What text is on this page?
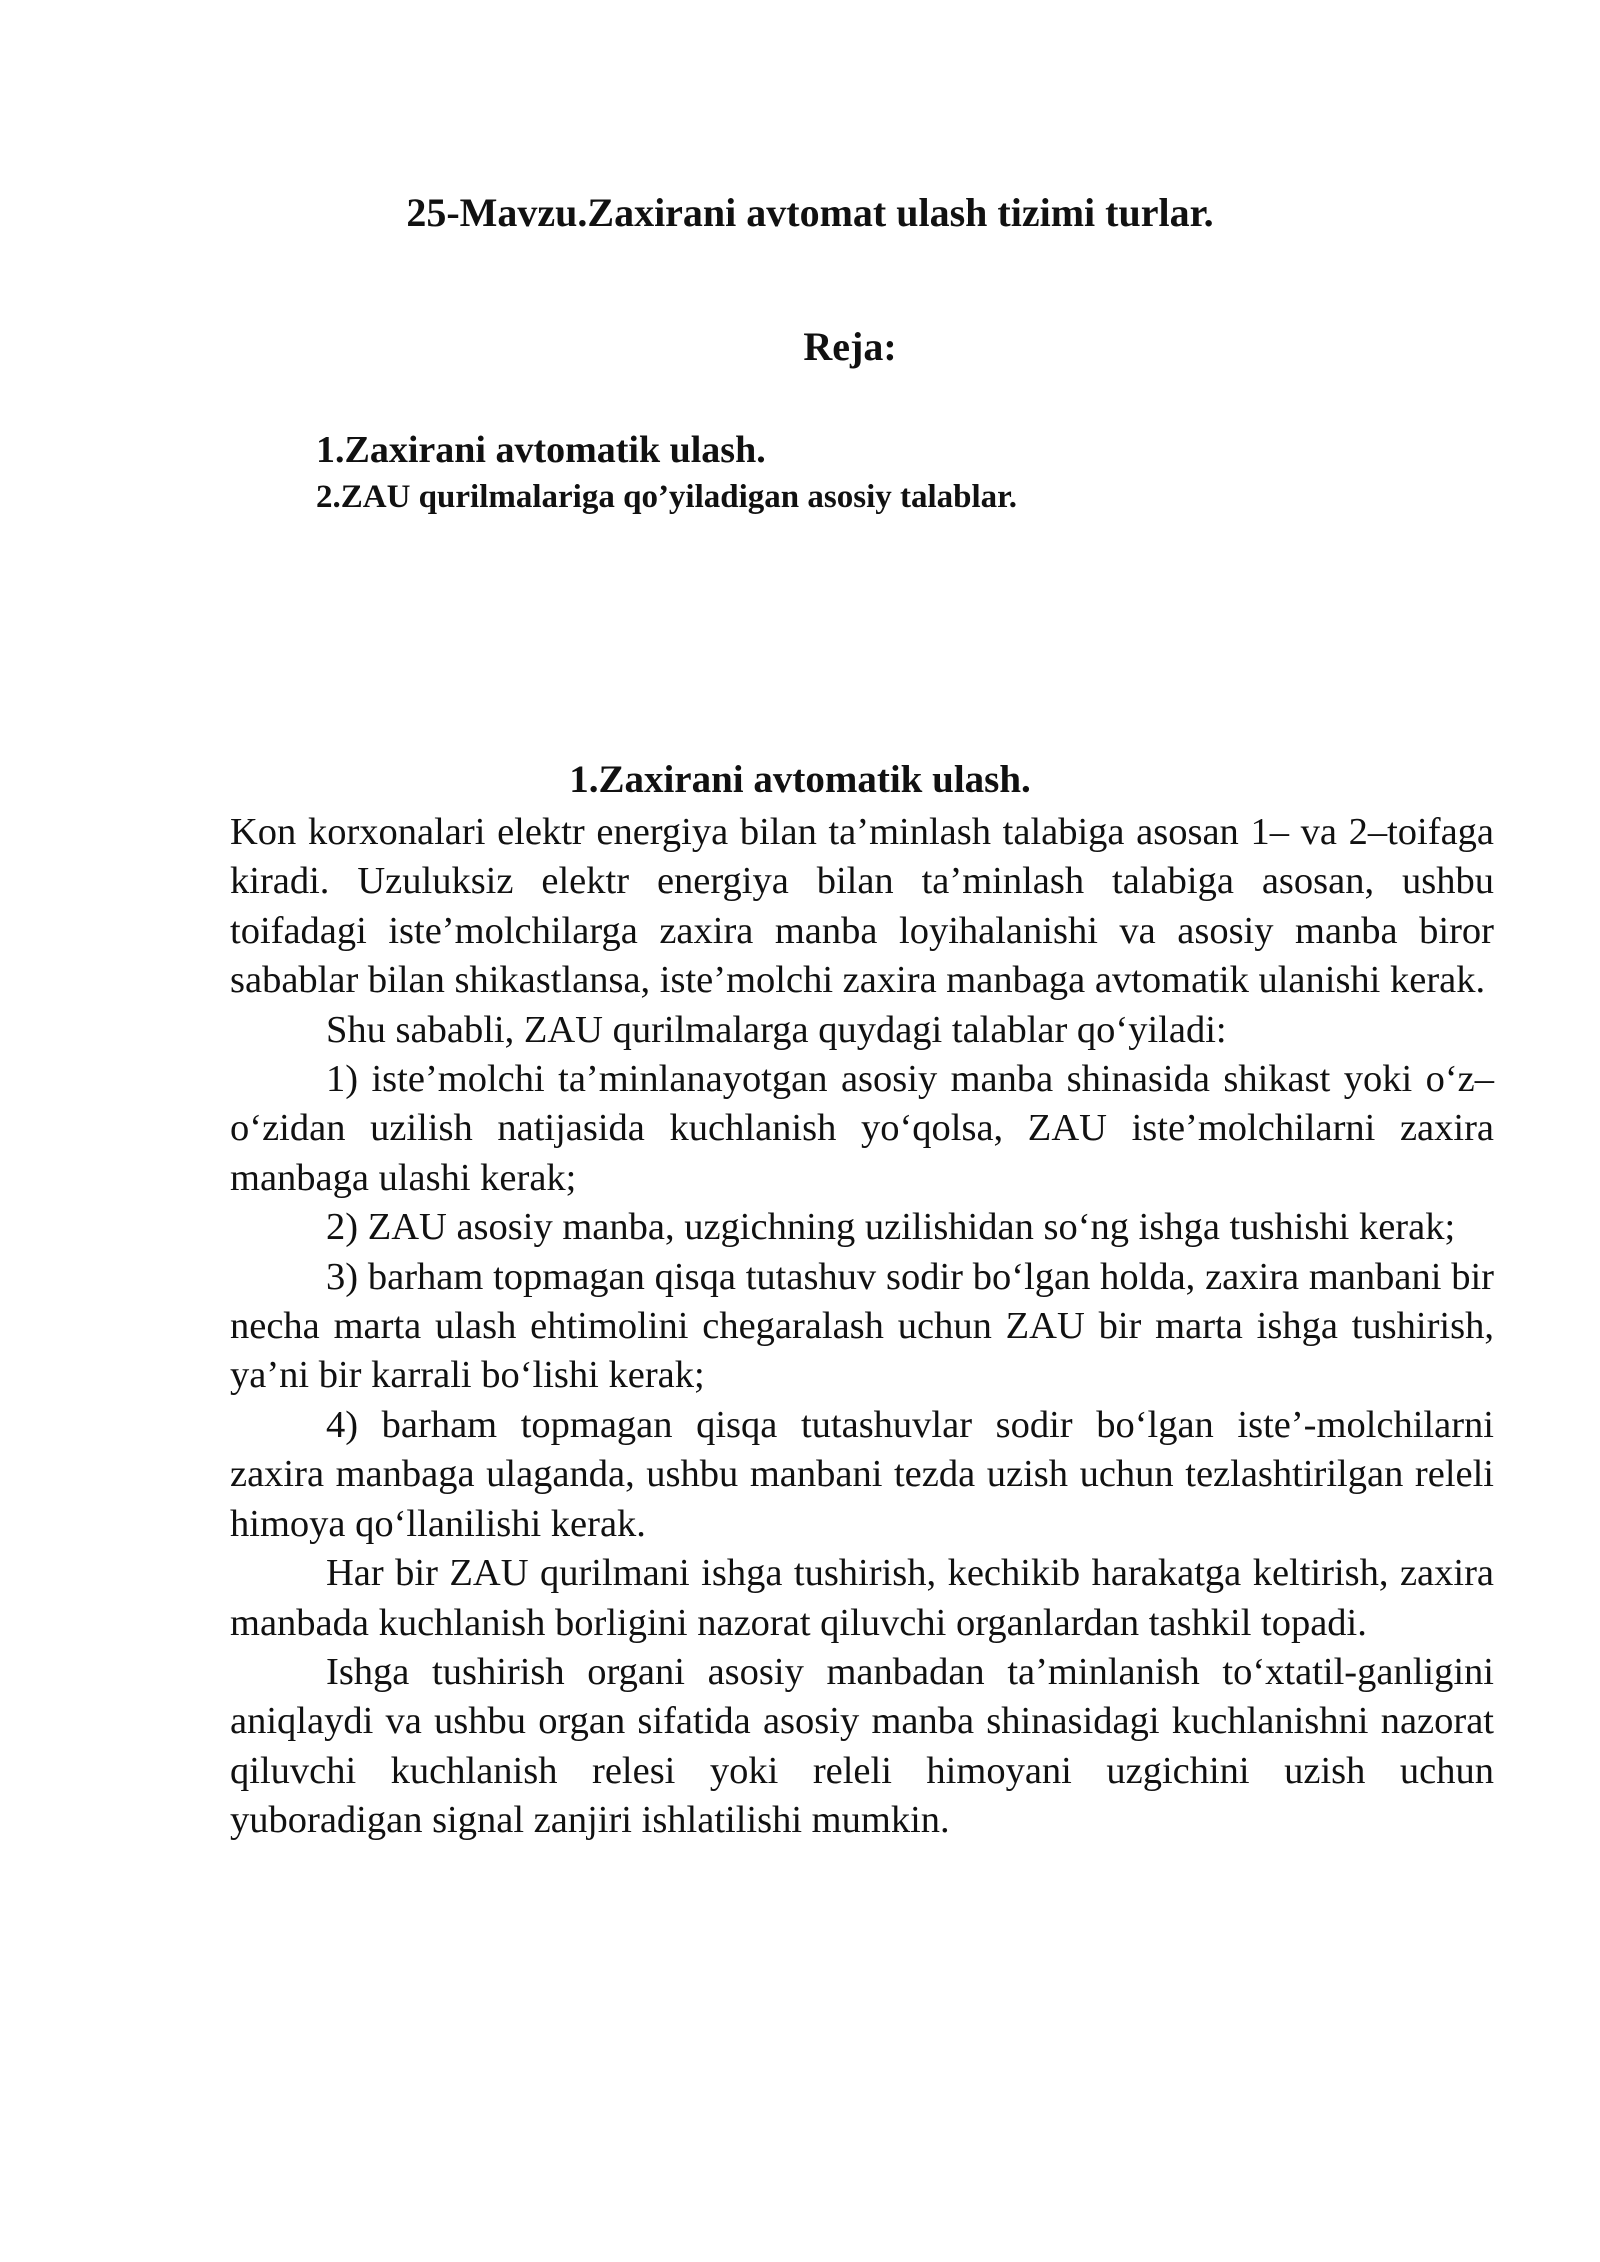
25-Mavzu.Zaxirani avtomat ulash tizimi turlar.
Reja:
1.Zaxirani avtomatik ulash.
2.ZAU qurilmalariga qo’yiladigan asosiy talablar.
1.Zaxirani avtomatik ulash.

Kon korxonalari elektr energiya bilan ta’minlash talabiga asosan 1– va 2–toifaga kiradi. Uzuluksiz elektr energiya bilan ta’minlash talabiga asosan, ushbu toifadagi iste’molchilarga zaxira manba loyihalanishi va asosiy manba biror sabablar bilan shikastlansa, iste’molchi zaxira manbaga avtomatik ulanishi kerak.

Shu sababli, ZAU qurilmalarga quydagi talablar qo‘yiladi:

1) iste’molchi ta’minlanayotgan asosiy manba shinasida shikast yoki o‘z–o‘zidan uzilish natijasida kuchlanish yo‘qolsa, ZAU iste’molchilarni zaxira manbaga ulashi kerak;

2) ZAU asosiy manba, uzgichning uzilishidan so‘ng ishga tushishi kerak;

3) barham topmagan qisqa tutashuv sodir bo‘lgan holda, zaxira manbani bir necha marta ulash ehtimolini chegaralash uchun ZAU bir marta ishga tushirish, ya’ni bir karrali bo‘lishi kerak;

4) barham topmagan qisqa tutashuvlar sodir bo‘lgan iste’-molchilarni zaxira manbaga ulaganda, ushbu manbani tezda uzish uchun tezlashtirilgan releli himoya qo‘llanilishi kerak.

Har bir ZAU qurilmani ishga tushirish, kechikib harakatga keltirish, zaxira manbada kuchlanish borligini nazorat qiluvchi organlardan tashkil topadi.

Ishga tushirish organi asosiy manbadan ta’minlanish to‘xtatil-ganligini aniqlaydi va ushbu organ sifatida asosiy manba shinasidagi kuchlanishni nazorat qiluvchi kuchlanish relesi yoki releli himoyani uzgichini uzish uchun yuboradigan signal zanjiri ishlatilishi mumkin.
